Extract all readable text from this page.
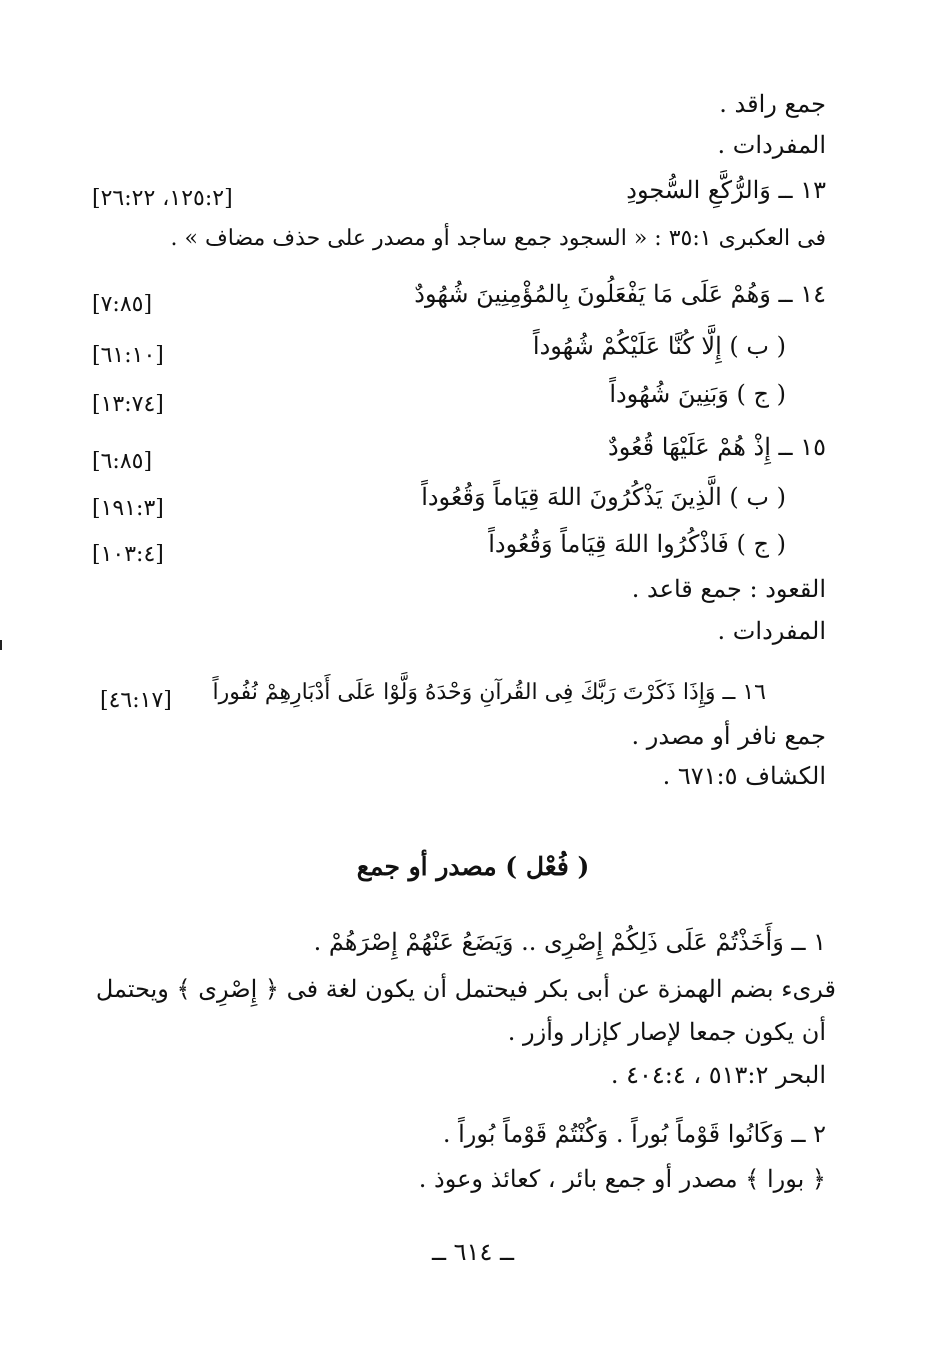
جمع راقد .
المفردات .
١٣ ــ وَالرُّكَّعِ السُّجودِ
[١٢٥:٢، ٢٦:٢٢]
فى العكبرى ٣٥:١ : « السجود جمع ساجد أو مصدر على حذف مضاف » .
١٤ ــ وَهُمْ عَلَى مَا يَفْعَلُونَ بِالمُؤْمِنِينَ شُهُودٌ
[٧:٨٥]
( ب ) إِلَّا كُنَّا عَلَيْكُمْ شُهُوداً
[٦١:١٠]
( ج ) وَبَنِينَ شُهُوداً
[١٣:٧٤]
١٥ ــ إِذْ هُمْ عَلَيْهَا قُعُودٌ
[٦:٨٥]
( ب ) الَّذِينَ يَذْكُرُونَ اللهَ قِيَاماً وَقُعُوداً
[١٩١:٣]
( ج ) فَاذْكُرُوا اللهَ قِيَاماً وَقُعُوداً
[١٠٣:٤]
القعود : جمع قاعد .
المفردات .
١٦ ــ وَإِذَا ذَكَرْتَ رَبَّكَ فِى القُرآنِ وَحْدَهُ وَلَّوْا عَلَى أَدْبَارِهِمْ نُفُوراً
[٤٦:١٧]
جمع نافر أو مصدر .
الكشاف ٦٧١:٥ .
( فُعْل ) مصدر أو جمع
١ ــ وَأَخَذْتُمْ عَلَى ذَلِكُمْ إِصْرِى .. وَيَضَعُ عَنْهُمْ إِصْرَهُمْ .
قرىء بضم الهمزة عن أبى بكر فيحتمل أن يكون لغة فى ﴿ إِصْرِى ﴾ ويحتمل
أن يكون جمعا لإصار كإزار وأزر .
البحر ٥١٣:٢ ، ٤٠٤:٤ .
٢ ــ وَكَانُوا قَوْماً بُوراً . وَكُنْتُمْ قَوْماً بُوراً .
﴿ بورا ﴾ مصدر أو جمع بائر ، كعائذ وعوذ .
ــ ٦١٤ ــ
